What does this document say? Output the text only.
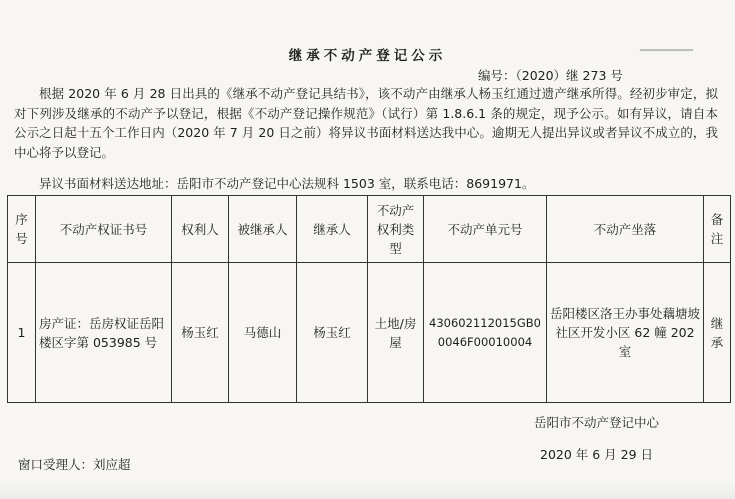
━━━━━━━━
继承不动产登记公示
编号：（2020）继 273 号

根据 2020 年 6 月 28 日出具的《继承不动产登记具结书》，该不动产由继承人杨玉红通过遗产继承所得。经初步审定，拟对下列涉及继承的不动产予以登记，根据《不动产登记操作规范》（试行）第 1.8.6.1 条的规定，现予公示。如有异议，请自本公示之日起十五个工作日内（2020 年 7 月 20 日之前）将异议书面材料送达我中心。逾期无人提出异议或者异议不成立的，我中心将予以登记。

异议书面材料送达地址：岳阳市不动产登记中心法规科 1503 室，联系电话：8691971。
序号	不动产权证书号	权利人	被继承人	继承人	不动产权利类型	不动产单元号	不动产坐落	备注
1	房产证：岳房权证岳阳楼区字第 053985 号	杨玉红	马德山	杨玉红	土地/房屋	430602112015GB00046F00010004	岳阳楼区洛王办事处藕塘坡社区开发小区 62 幢 202 室	继承
岳阳市不动产登记中心
窗口受理人：刘应超
2020 年 6 月 29 日
